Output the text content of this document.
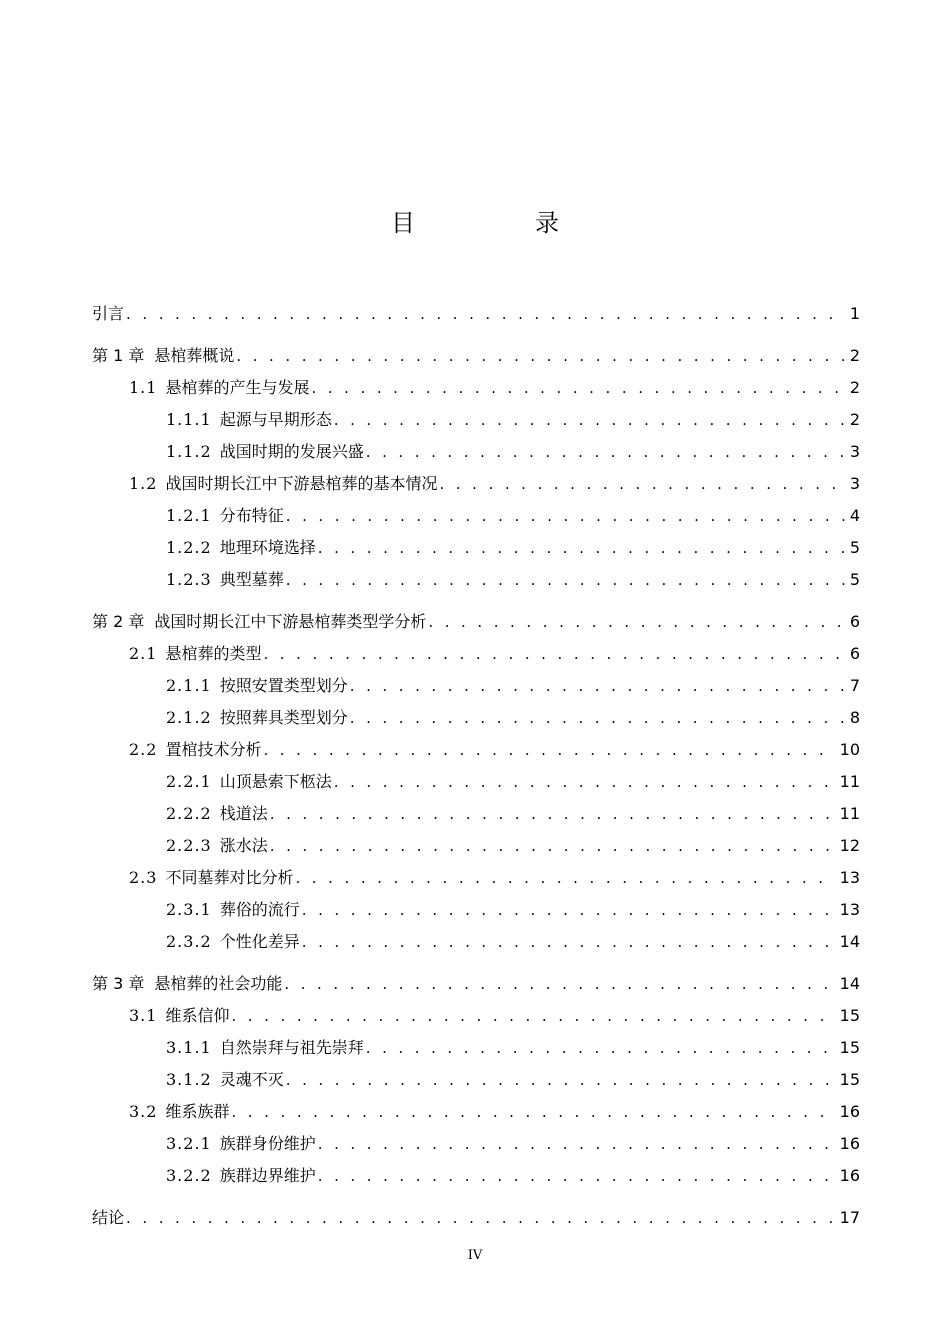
目　录
引言 . . .	1
第 1 章 悬棺葬概说 . . .	2
1.1 悬棺葬的产生与发展 . . .	2
1.1.1 起源与早期形态 . . .	2
1.1.2 战国时期的发展兴盛 . . .	3
1.2 战国时期长江中下游悬棺葬的基本情况 . . .	3
1.2.1 分布特征 . . .	4
1.2.2 地理环境选择 . . .	5
1.2.3 典型墓葬 . . .	5
第 2 章 战国时期长江中下游悬棺葬类型学分析 . . .	6
2.1 悬棺葬的类型 . . .	6
2.1.1 按照安置类型划分 . . .	7
2.1.2 按照葬具类型划分 . . .	8
2.2 置棺技术分析 . . .	10
2.2.1 山顶悬索下柩法 . . .	11
2.2.2 栈道法 . . .	11
2.2.3 涨水法 . . .	12
2.3 不同墓葬对比分析 . . .	13
2.3.1 葬俗的流行 . . .	13
2.3.2 个性化差异 . . .	14
第 3 章 悬棺葬的社会功能 . . .	14
3.1 维系信仰 . . .	15
3.1.1 自然崇拜与祖先崇拜 . . .	15
3.1.2 灵魂不灭 . . .	15
3.2 维系族群 . . .	16
3.2.1 族群身份维护 . . .	16
3.2.2 族群边界维护 . . .	16
结论 . . .	17
IV
